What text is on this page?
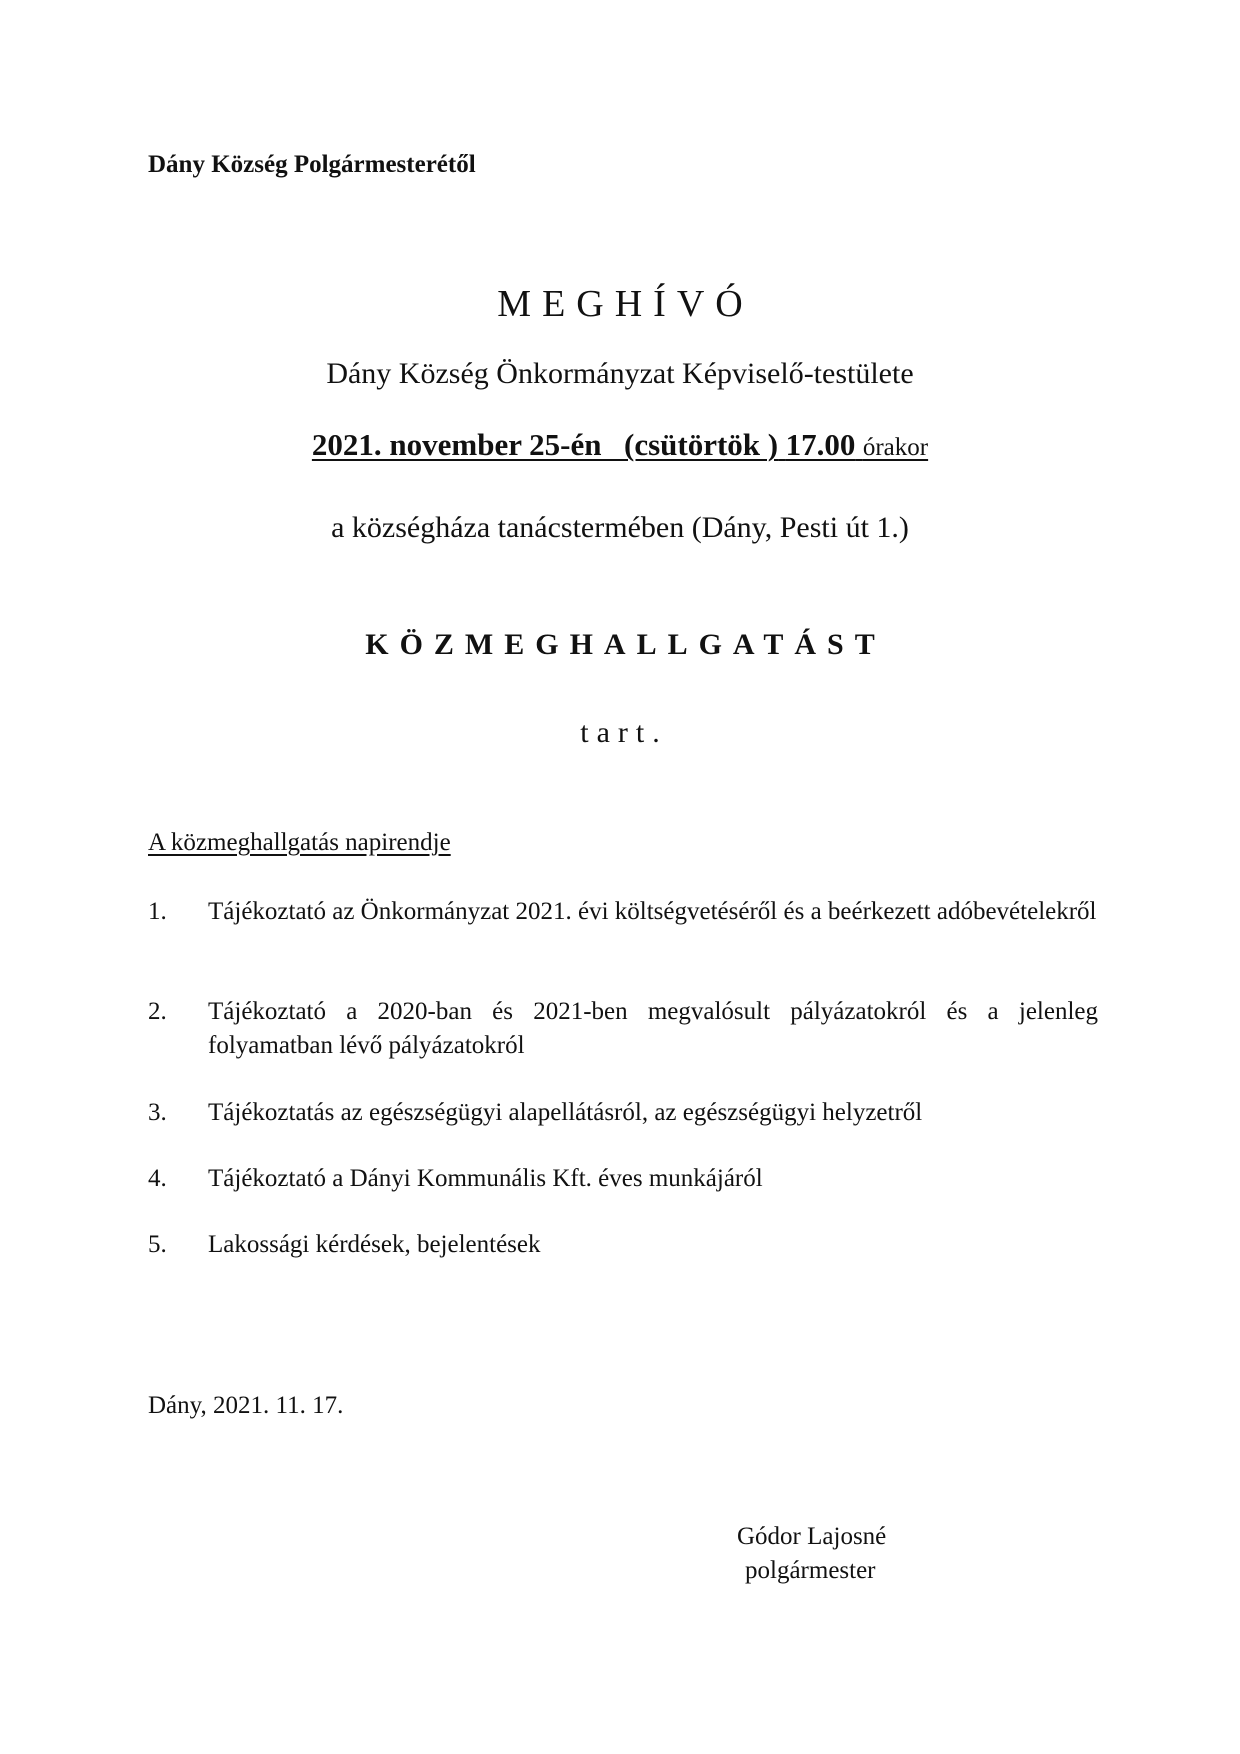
Dány Község Polgármesterétől
MEGHÍVÓ
Dány Község Önkormányzat Képviselő-testülete
2021. november 25-én (csütörtök ) 17.00 órakor
a községháza tanácstermében (Dány, Pesti út 1.)
KÖZMEGHALLGATÁST
tart.
A közmeghallgatás napirendje
1.	Tájékoztató az Önkormányzat 2021. évi költségvetéséről és a beérkezett adóbevételekről
2.	Tájékoztató a 2020-ban és 2021-ben megvalósult pályázatokról és a jelenleg folyamatban lévő pályázatokról
3.	Tájékoztatás az egészségügyi alapellátásról, az egészségügyi helyzetről
4.	Tájékoztató a Dányi Kommunális Kft. éves munkájáról
5.	Lakossági kérdések, bejelentések
Dány, 2021. 11. 17.
Gódor Lajosné
polgármester
